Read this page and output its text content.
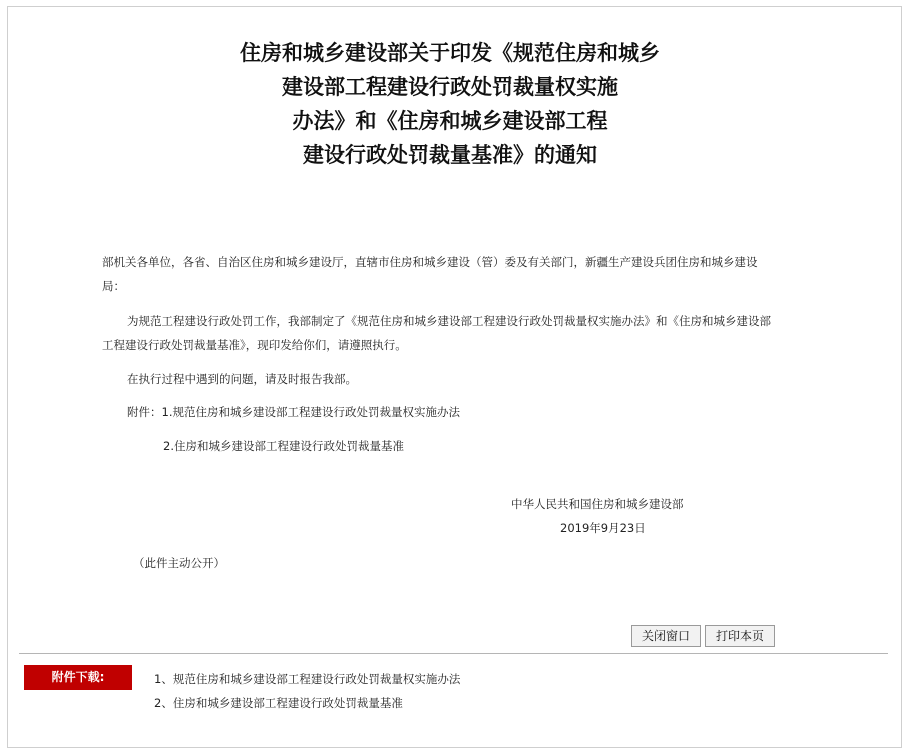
住房和城乡建设部关于印发《规范住房和城乡
建设部工程建设行政处罚裁量权实施
办法》和《住房和城乡建设部工程
建设行政处罚裁量基准》的通知
部机关各单位，各省、自治区住房和城乡建设厅，直辖市住房和城乡建设（管）委及有关部门，新疆生产建设兵团住房和城乡建设
局：
为规范工程建设行政处罚工作，我部制定了《规范住房和城乡建设部工程建设行政处罚裁量权实施办法》和《住房和城乡建设部
工程建设行政处罚裁量基准》，现印发给你们，请遵照执行。
在执行过程中遇到的问题，请及时报告我部。
附件：1.规范住房和城乡建设部工程建设行政处罚裁量权实施办法
2.住房和城乡建设部工程建设行政处罚裁量基准
中华人民共和国住房和城乡建设部
2019年9月23日
（此件主动公开）
关闭窗口	打印本页
附件下载:	1、规范住房和城乡建设部工程建设行政处罚裁量权实施办法
2、住房和城乡建设部工程建设行政处罚裁量基准
